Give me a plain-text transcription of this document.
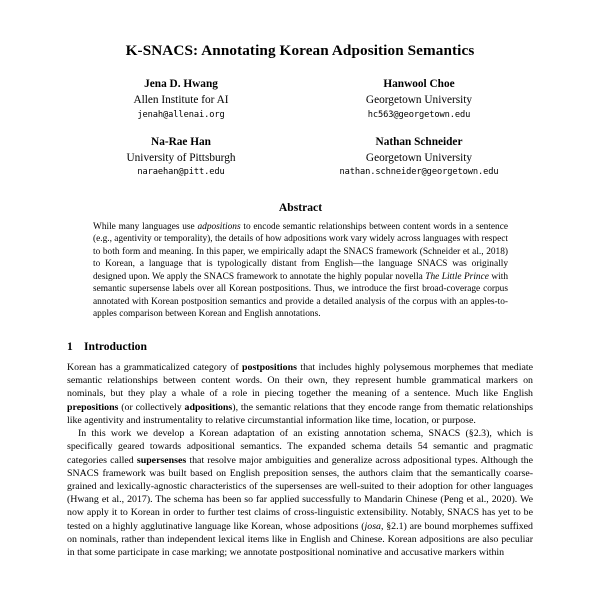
K-SNACS: Annotating Korean Adposition Semantics
Jena D. Hwang
Allen Institute for AI
jenah@allenai.org
Hanwool Choe
Georgetown University
hc563@georgetown.edu
Na-Rae Han
University of Pittsburgh
naraehan@pitt.edu
Nathan Schneider
Georgetown University
nathan.schneider@georgetown.edu
Abstract

While many languages use adpositions to encode semantic relationships between content words in a sentence (e.g., agentivity or temporality), the details of how adpositions work vary widely across languages with respect to both form and meaning. In this paper, we empirically adapt the SNACS framework (Schneider et al., 2018) to Korean, a language that is typologically distant from English—the language SNACS was originally designed upon. We apply the SNACS framework to annotate the highly popular novella The Little Prince with semantic supersense labels over all Korean postpositions. Thus, we introduce the first broad-coverage corpus annotated with Korean postposition semantics and provide a detailed analysis of the corpus with an apples-to-apples comparison between Korean and English annotations.

1 Introduction

Korean has a grammaticalized category of postpositions that includes highly polysemous morphemes that mediate semantic relationships between content words. On their own, they represent humble grammatical markers on nominals, but they play a whale of a role in piecing together the meaning of a sentence. Much like English prepositions (or collectively adpositions), the semantic relations that they encode range from thematic relationships like agentivity and instrumentality to relative circumstantial information like time, location, or purpose.

In this work we develop a Korean adaptation of an existing annotation schema, SNACS (§2.3), which is specifically geared towards adpositional semantics. The expanded schema details 54 semantic and pragmatic categories called supersenses that resolve major ambiguities and generalize across adpositional types. Although the SNACS framework was built based on English preposition senses, the authors claim that the semantically coarse-grained and lexically-agnostic characteristics of the supersenses are well-suited to their adoption for other languages (Hwang et al., 2017). The schema has been so far applied successfully to Mandarin Chinese (Peng et al., 2020). We now apply it to Korean in order to further test claims of cross-linguistic extensibility. Notably, SNACS has yet to be tested on a highly agglutinative language like Korean, whose adpositions (josa, §2.1) are bound morphemes suffixed on nominals, rather than independent lexical items like in English and Chinese. Korean adpositions are also peculiar in that some participate in case marking; we annotate postpositional nominative and accusative markers within
